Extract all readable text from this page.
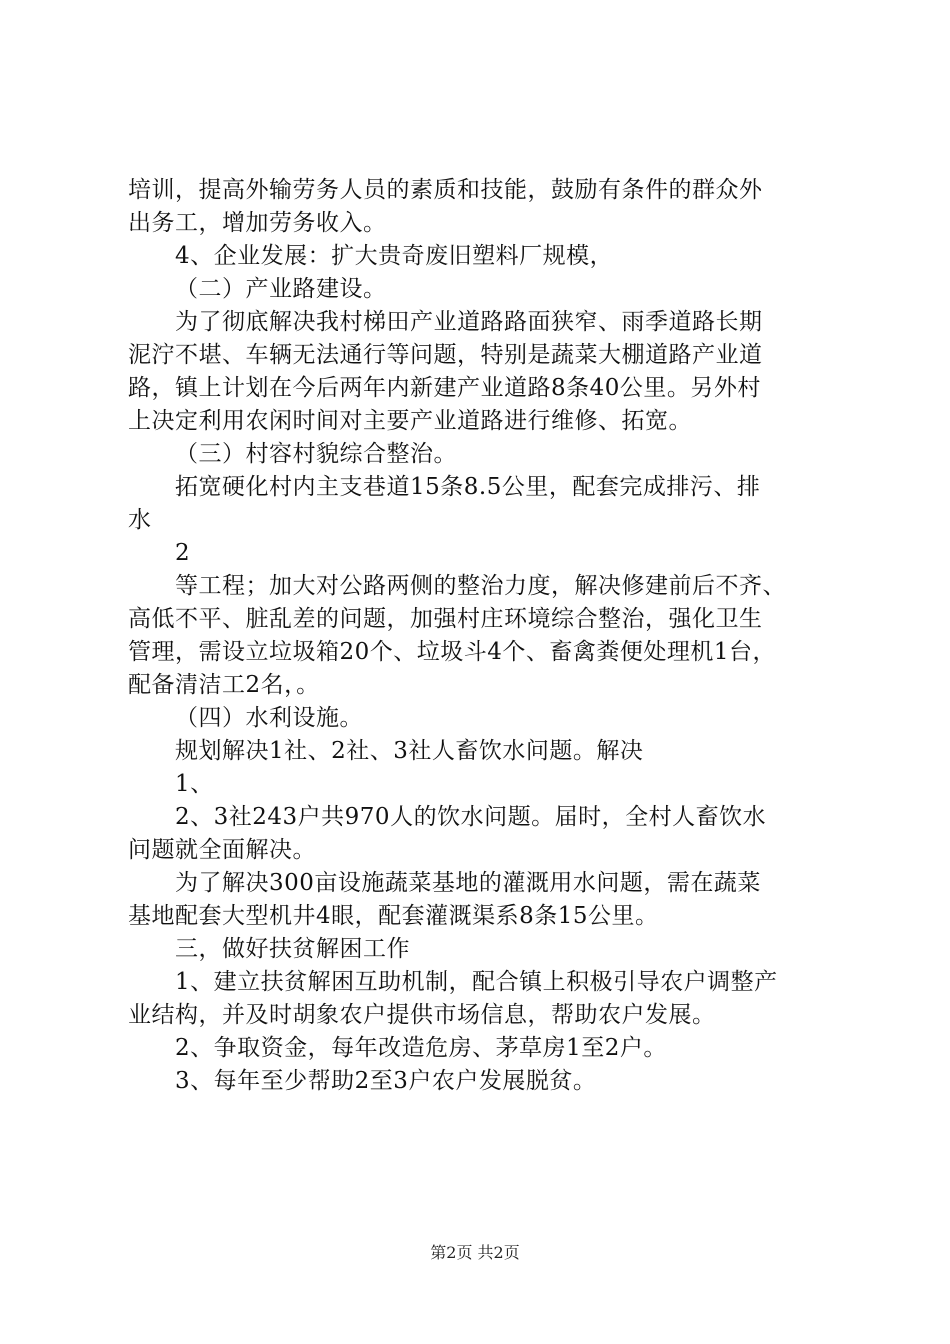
培训，提高外输劳务人员的素质和技能，鼓励有条件的群众外
出务工，增加劳务收入。
4、企业发展：扩大贵奇废旧塑料厂规模，
（二）产业路建设。
为了彻底解决我村梯田产业道路路面狭窄、雨季道路长期
泥泞不堪、车辆无法通行等问题，特别是蔬菜大棚道路产业道
路，镇上计划在今后两年内新建产业道路8条40公里。另外村
上决定利用农闲时间对主要产业道路进行维修、拓宽。
（三）村容村貌综合整治。
拓宽硬化村内主支巷道15条8.5公里，配套完成排污、排
水
2
等工程；加大对公路两侧的整治力度，解决修建前后不齐、
高低不平、脏乱差的问题，加强村庄环境综合整治，强化卫生
管理，需设立垃圾箱20个、垃圾斗4个、畜禽粪便处理机1台，
配备清洁工2名，。
（四）水利设施。
规划解决1社、2社、3社人畜饮水问题。解决
1、
2、3社243户共970人的饮水问题。届时，全村人畜饮水
问题就全面解决。
为了解决300亩设施蔬菜基地的灌溉用水问题，需在蔬菜
基地配套大型机井4眼，配套灌溉渠系8条15公里。
三，做好扶贫解困工作
1、建立扶贫解困互助机制，配合镇上积极引导农户调整产
业结构，并及时胡象农户提供市场信息，帮助农户发展。
2、争取资金，每年改造危房、茅草房1至2户。
3、每年至少帮助2至3户农户发展脱贫。
第2页 共2页
